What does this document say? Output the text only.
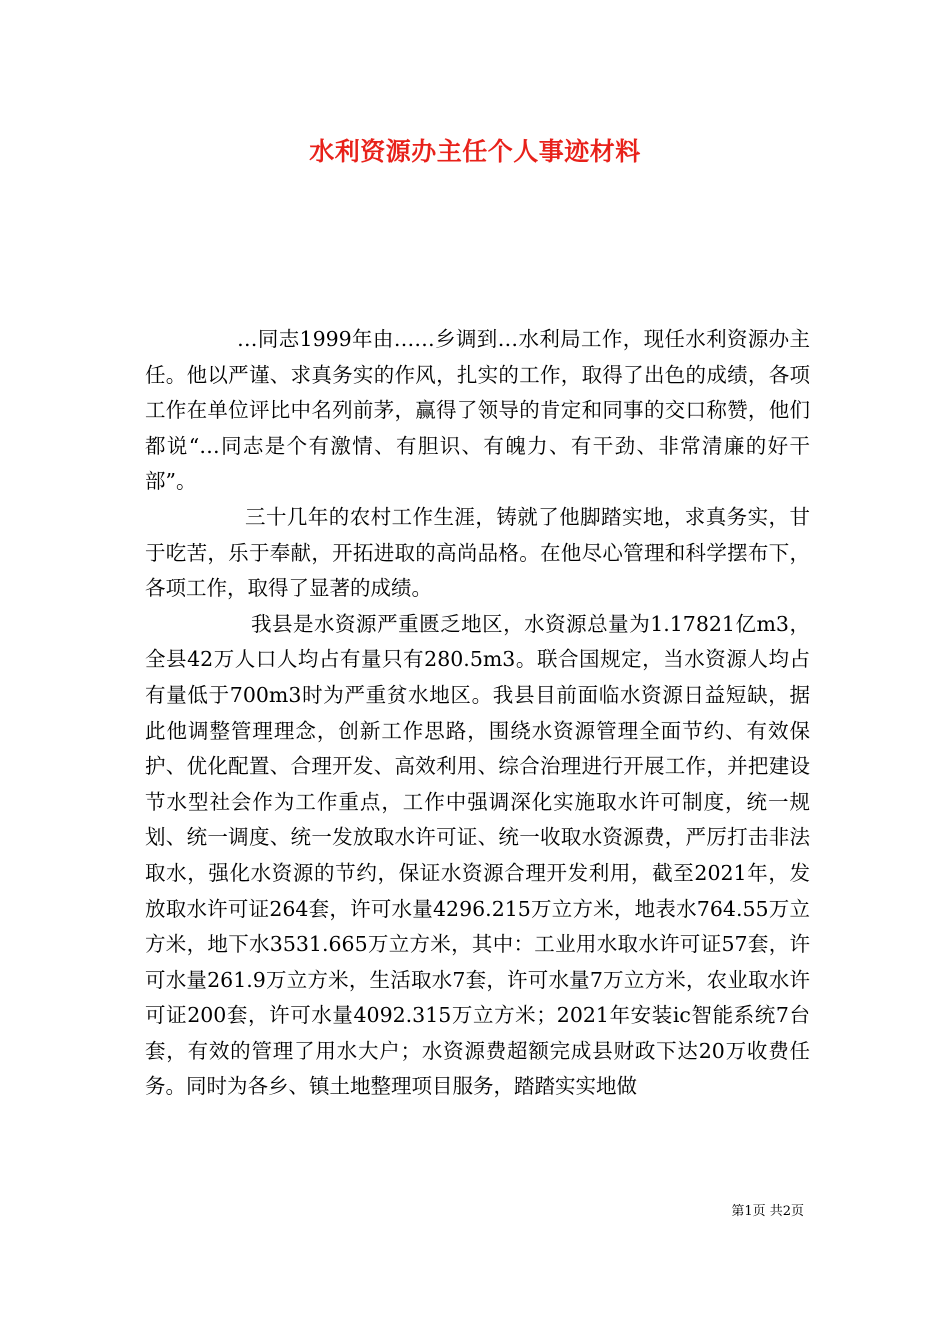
水利资源办主任个人事迹材料

…同志1999年由……乡调到…水利局工作，现任水利资源办主任。他以严谨、求真务实的作风，扎实的工作，取得了出色的成绩，各项工作在单位评比中名列前茅，赢得了领导的肯定和同事的交口称赞，他们都说“…同志是个有激情、有胆识、有魄力、有干劲、非常清廉的好干部”。

三十几年的农村工作生涯，铸就了他脚踏实地，求真务实，甘于吃苦，乐于奉献，开拓进取的高尚品格。在他尽心管理和科学摆布下，各项工作，取得了显著的成绩。

我县是水资源严重匮乏地区，水资源总量为1.17821亿m3，全县42万人口人均占有量只有280.5m3。联合国规定，当水资源人均占有量低于700m3时为严重贫水地区。我县目前面临水资源日益短缺，据此他调整管理理念，创新工作思路，围绕水资源管理全面节约、有效保护、优化配置、合理开发、高效利用、综合治理进行开展工作，并把建设节水型社会作为工作重点，工作中强调深化实施取水许可制度，统一规划、统一调度、统一发放取水许可证、统一收取水资源费，严厉打击非法取水，强化水资源的节约，保证水资源合理开发利用，截至2021年，发放取水许可证264套，许可水量4296.215万立方米，地表水764.55万立方米，地下水3531.665万立方米，其中：工业用水取水许可证57套，许可水量261.9万立方米，生活取水7套，许可水量7万立方米，农业取水许可证200套，许可水量4092.315万立方米；2021年安装ic智能系统7台套，有效的管理了用水大户；水资源费超额完成县财政下达20万收费任务。同时为各乡、镇土地整理项目服务，踏踏实实地做

第1页 共2页
